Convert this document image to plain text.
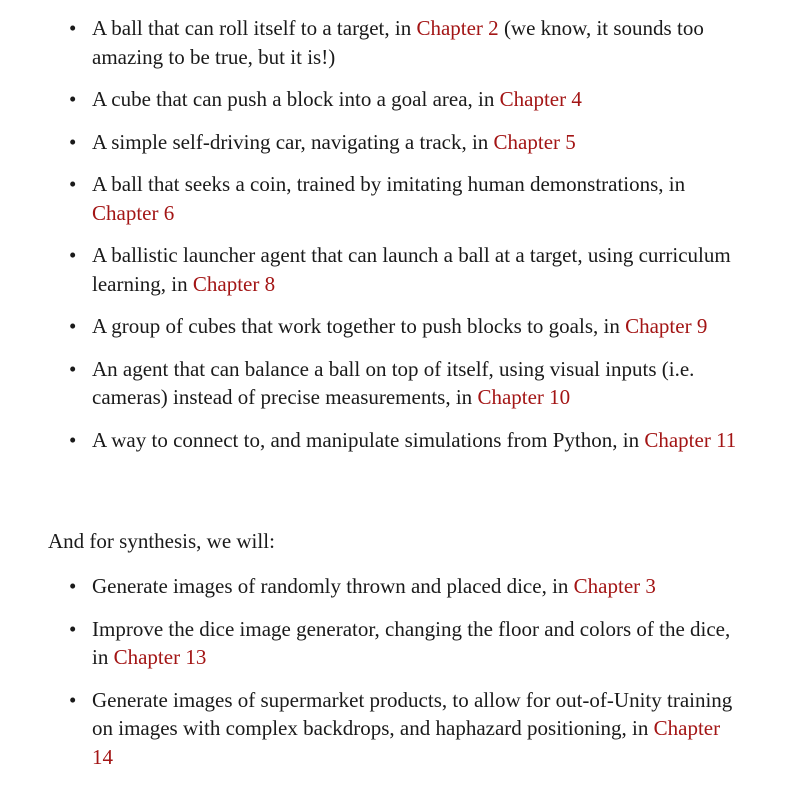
• A ball that can roll itself to a target, in Chapter 2 (we know, it sounds too amazing to be true, but it is!)
• A cube that can push a block into a goal area, in Chapter 4
• A simple self-driving car, navigating a track, in Chapter 5
• A ball that seeks a coin, trained by imitating human demonstrations, in Chapter 6
• A ballistic launcher agent that can launch a ball at a target, using curriculum learning, in Chapter 8
• A group of cubes that work together to push blocks to goals, in Chapter 9
• An agent that can balance a ball on top of itself, using visual inputs (i.e. cameras) instead of precise measurements, in Chapter 10
• A way to connect to, and manipulate simulations from Python, in Chapter 11

And for synthesis, we will:

• Generate images of randomly thrown and placed dice, in Chapter 3
• Improve the dice image generator, changing the floor and colors of the dice, in Chapter 13
• Generate images of supermarket products, to allow for out-of-Unity training on images with complex backdrops, and haphazard positioning, in Chapter 14
